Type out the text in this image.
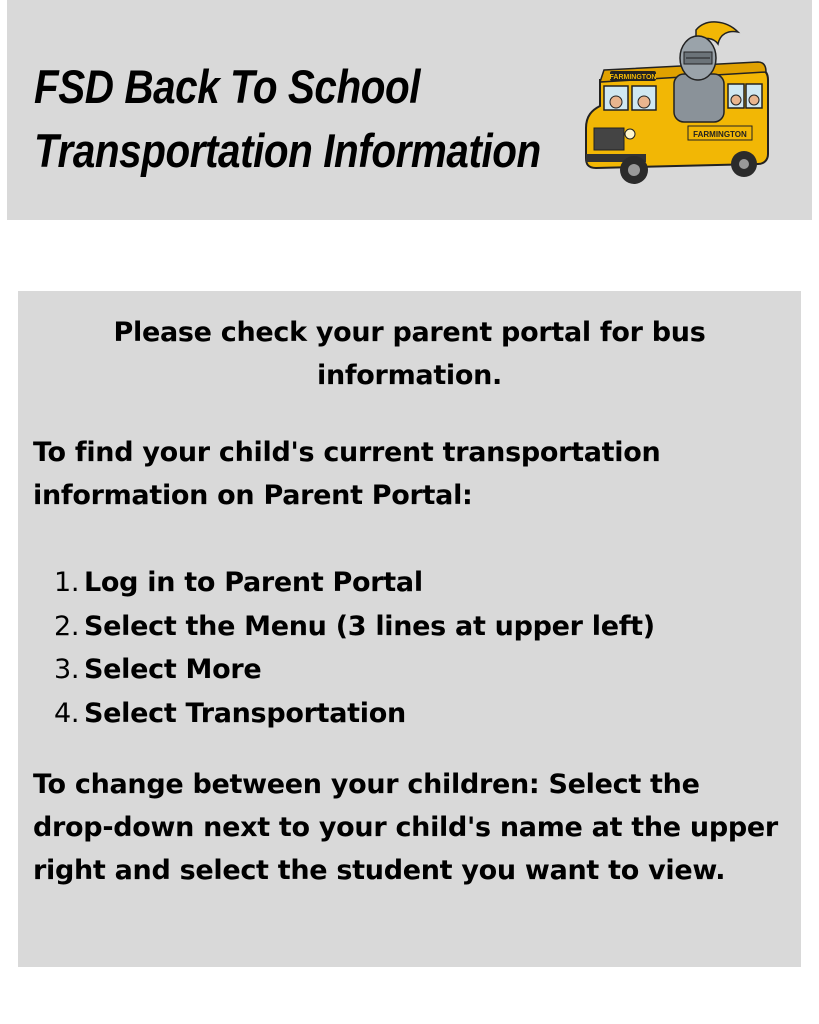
FSD Back To School
Transportation Information
FARMINGTON
FARMINGTON
Please check your parent portal for bus
information.
To find your child's current transportation
information on Parent Portal:
1. Log in to Parent Portal
2. Select the Menu (3 lines at upper left)
3. Select More
4. Select Transportation
To change between your children: Select the
drop-down next to your child's name at the upper
right and select the student you want to view.
